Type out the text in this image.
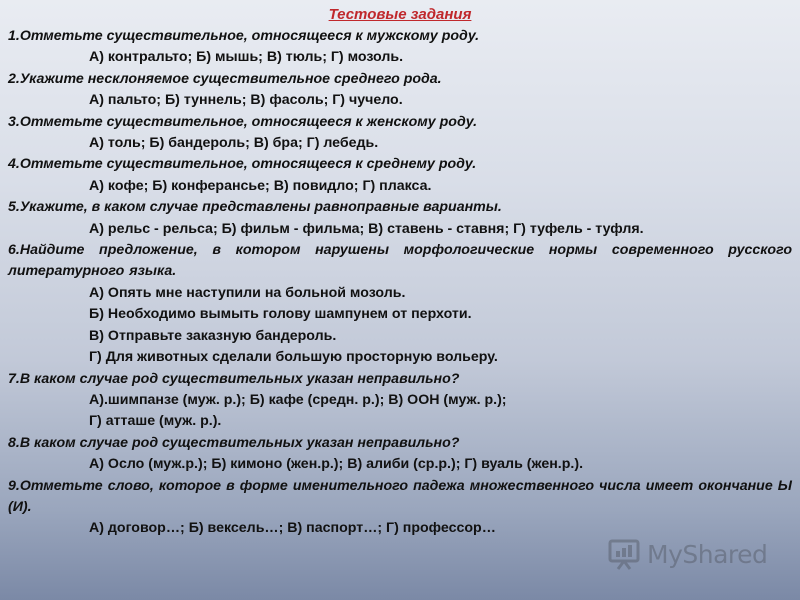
Тестовые задания

1.Отметьте существительное, относящееся к мужскому роду.

А) контральто; Б) мышь; В) тюль; Г) мозоль.

2.Укажите несклоняемое существительное среднего рода.

А) пальто; Б) туннель; В) фасоль; Г) чучело.

3.Отметьте существительное, относящееся к женскому роду.

А) толь; Б) бандероль; В) бра; Г) лебедь.

4.Отметьте существительное, относящееся к среднему роду.

А) кофе; Б) конферансье; В) повидло; Г) плакса.

5.Укажите, в каком случае представлены равноправные варианты.

А) рельс - рельса; Б) фильм - фильма; В) ставень - ставня; Г) туфель - туфля.

6.Найдите предложение, в котором нарушены морфологические нормы современного русского литературного языка.

А) Опять мне наступили на больной мозоль.

Б) Необходимо вымыть голову шампунем от перхоти.

В) Отправьте заказную бандероль.

Г) Для животных сделали большую просторную вольеру.

7.В каком случае род существительных указан неправильно?

А).шимпанзе (муж. р.); Б) кафе (средн. р.); В) ООН (муж. р.);

Г) атташе (муж. р.).

8.В каком случае род существительных указан неправильно?

А) Осло (муж.р.); Б) кимоно (жен.р.); В) алиби (ср.р.); Г) вуаль (жен.р.).

9.Отметьте слово, которое в форме именительного падежа множественного числа имеет окончание Ы (И).

А) договор…; Б) вексель…; В) паспорт…; Г) профессор…

MyShared
